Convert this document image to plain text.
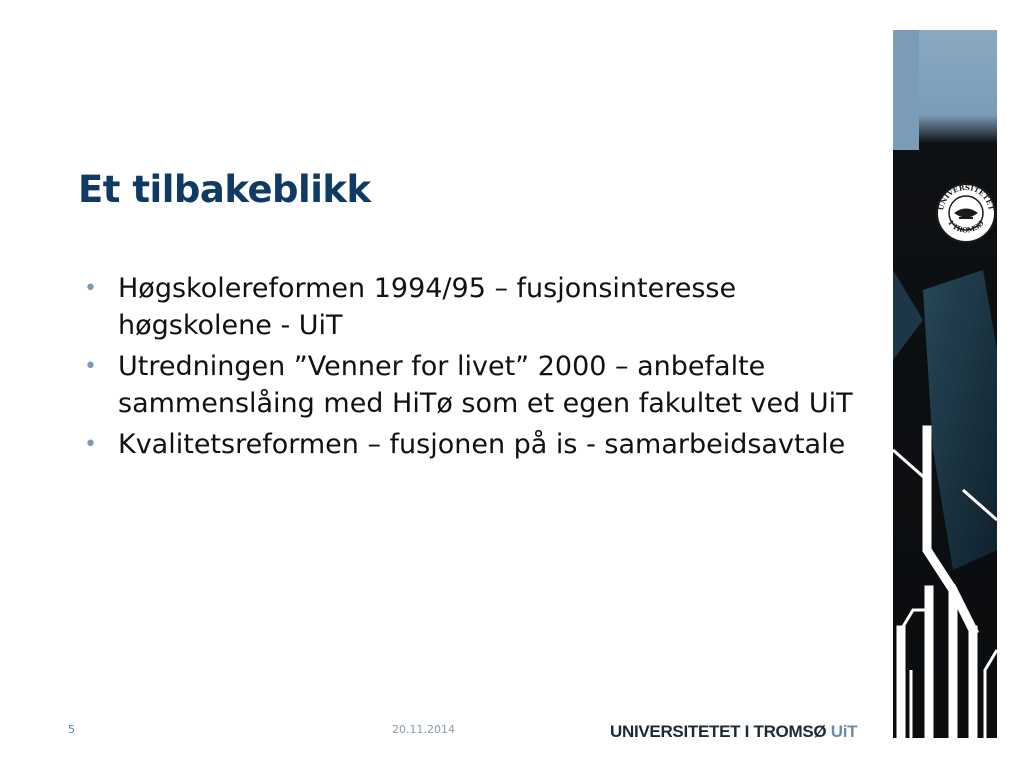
Et tilbakeblikk
• Høgskolereformen 1994/95 – fusjonsinteresse høgskolene - UiT
• Utredningen ”Venner for livet” 2000 – anbefalte sammenslåing med HiTø som et egen fakultet ved UiT
• Kvalitetsreformen – fusjonen på is - samarbeidsavtale
UNIVERSITETET
I TROMSØ
5	20.11.2014	UNIVERSITETET I TROMSØ UiT
